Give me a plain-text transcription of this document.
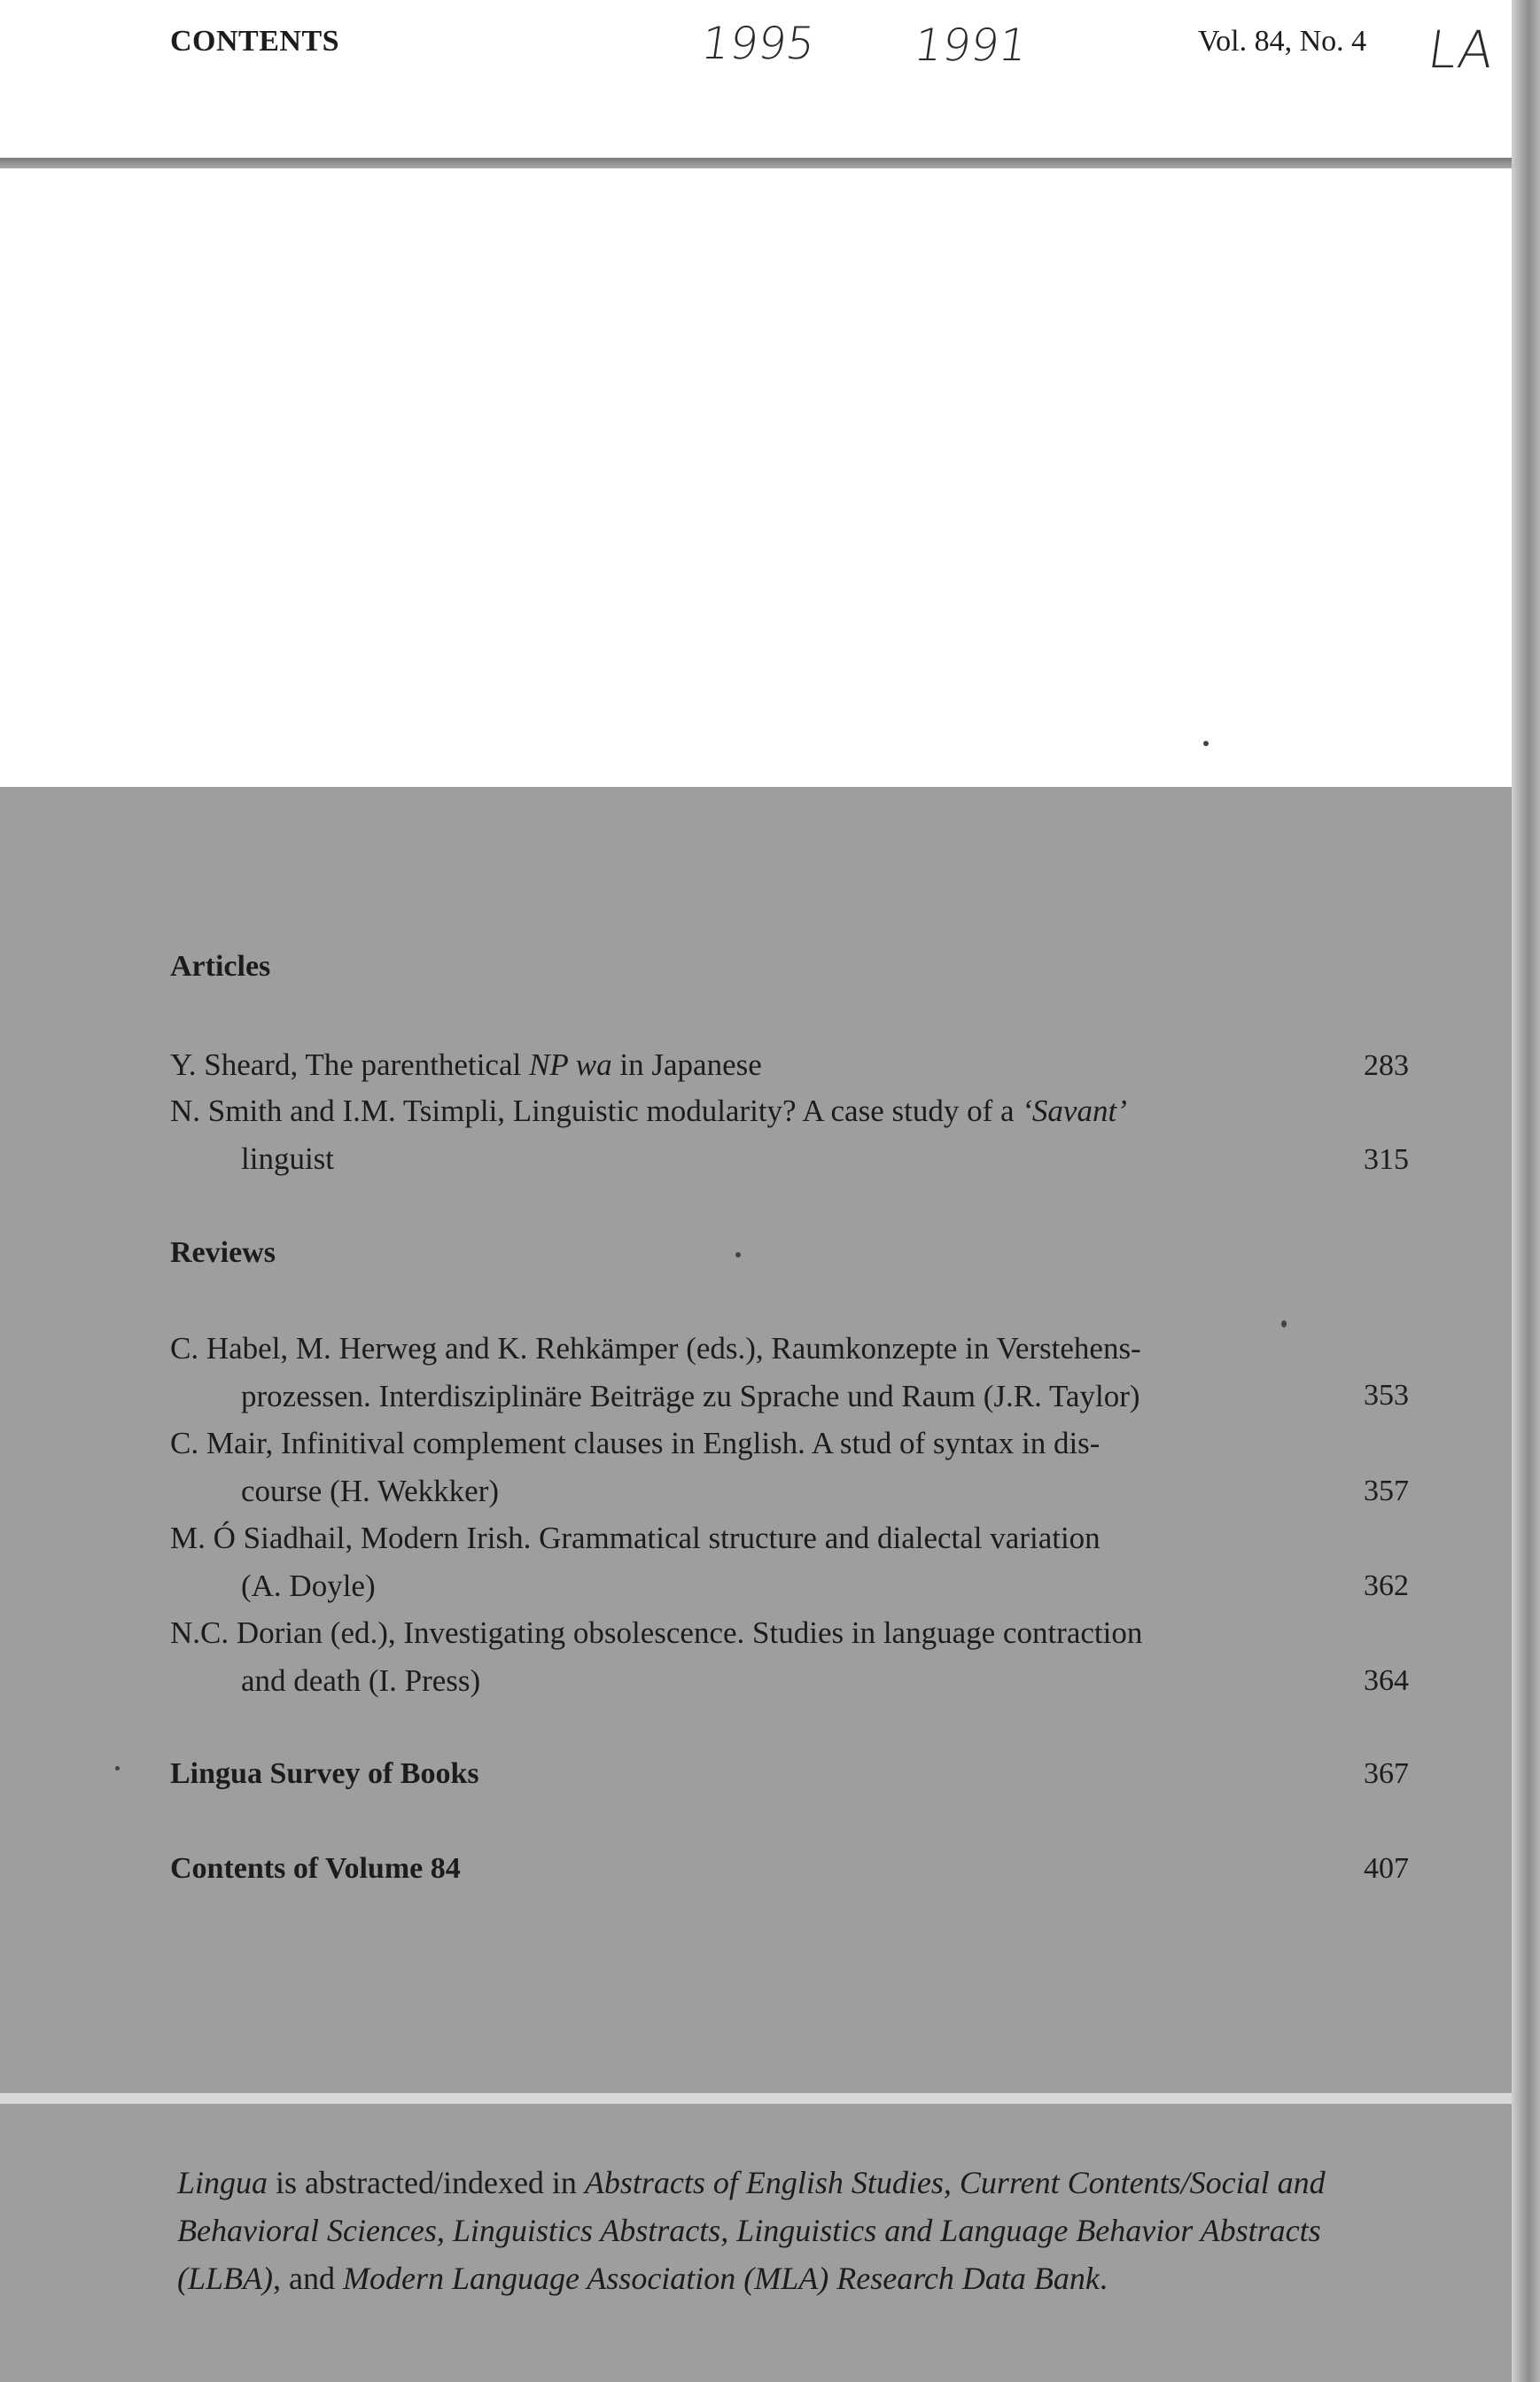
CONTENTS	1995 1991	Vol. 84, No. 4 LA
Articles
Y. Sheard, The parenthetical NP wa in Japanese	283
N. Smith and I.M. Tsimpli, Linguistic modularity? A case study of a ‘Savant’
linguist	315
Reviews
C. Habel, M. Herweg and K. Rehkämper (eds.), Raumkonzepte in Verstehens-
prozessen. Interdisziplinäre Beiträge zu Sprache und Raum (J.R. Taylor)	353
C. Mair, Infinitival complement clauses in English. A stud of syntax in dis-
course (H. Wekkker)	357
M. Ó Siadhail, Modern Irish. Grammatical structure and dialectal variation
(A. Doyle)	362
N.C. Dorian (ed.), Investigating obsolescence. Studies in language contraction
and death (I. Press)	364
Lingua Survey of Books	367
Contents of Volume 84	407
Lingua is abstracted/indexed in Abstracts of English Studies, Current Contents/Social and Behavioral Sciences, Linguistics Abstracts, Linguistics and Language Behavior Abstracts (LLBA), and Modern Language Association (MLA) Research Data Bank.
